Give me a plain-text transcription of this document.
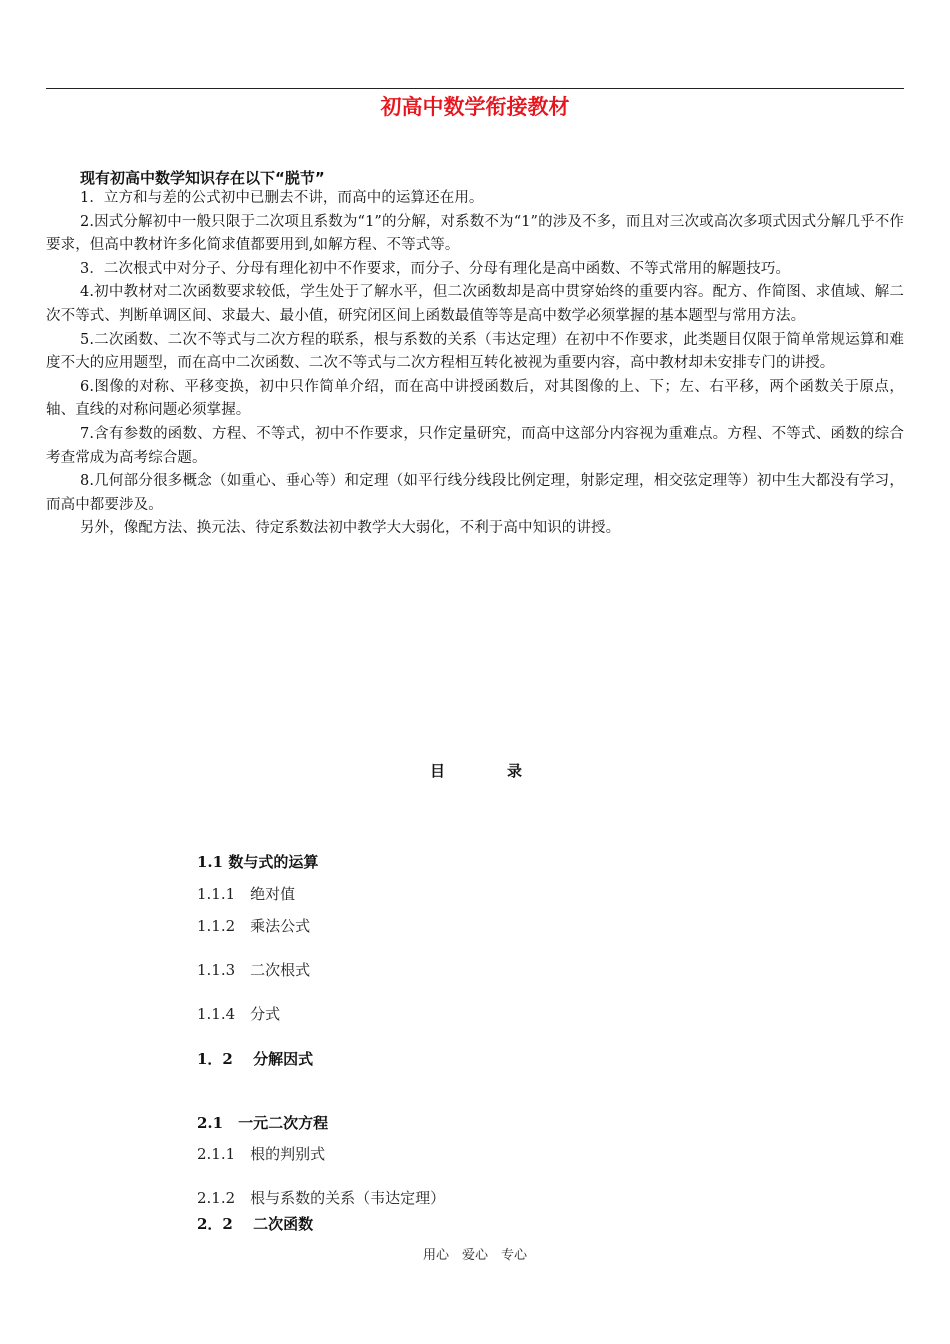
初高中数学衔接教材
现有初高中数学知识存在以下“脱节”

1．立方和与差的公式初中已删去不讲，而高中的运算还在用。

2.因式分解初中一般只限于二次项且系数为“1”的分解，对系数不为“1”的涉及不多，而且对三次或高次多项式因式分解几乎不作要求，但高中教材许多化简求值都要用到,如解方程、不等式等。

3．二次根式中对分子、分母有理化初中不作要求，而分子、分母有理化是高中函数、不等式常用的解题技巧。

4.初中教材对二次函数要求较低，学生处于了解水平，但二次函数却是高中贯穿始终的重要内容。配方、作简图、求值域、解二次不等式、判断单调区间、求最大、最小值，研究闭区间上函数最值等等是高中数学必须掌握的基本题型与常用方法。

5.二次函数、二次不等式与二次方程的联系，根与系数的关系（韦达定理）在初中不作要求，此类题目仅限于简单常规运算和难度不大的应用题型，而在高中二次函数、二次不等式与二次方程相互转化被视为重要内容，高中教材却未安排专门的讲授。

6.图像的对称、平移变换，初中只作简单介绍，而在高中讲授函数后，对其图像的上、下；左、右平移，两个函数关于原点，轴、直线的对称问题必须掌握。

7.含有参数的函数、方程、不等式，初中不作要求，只作定量研究，而高中这部分内容视为重难点。方程、不等式、函数的综合考查常成为高考综合题。

8.几何部分很多概念（如重心、垂心等）和定理（如平行线分线段比例定理，射影定理，相交弦定理等）初中生大都没有学习，而高中都要涉及。

另外，像配方法、换元法、待定系数法初中教学大大弱化，不利于高中知识的讲授。

目	录
1.1 数与式的运算
1.1.1　绝对值
1.1.2　乘法公式
1.1.3　二次根式
1.1.4　分式
1．2　 分解因式
2.1　一元二次方程
2.1.1　根的判别式
2.1.2　根与系数的关系（韦达定理）
2．2　 二次函数
用心　爱心　专心
